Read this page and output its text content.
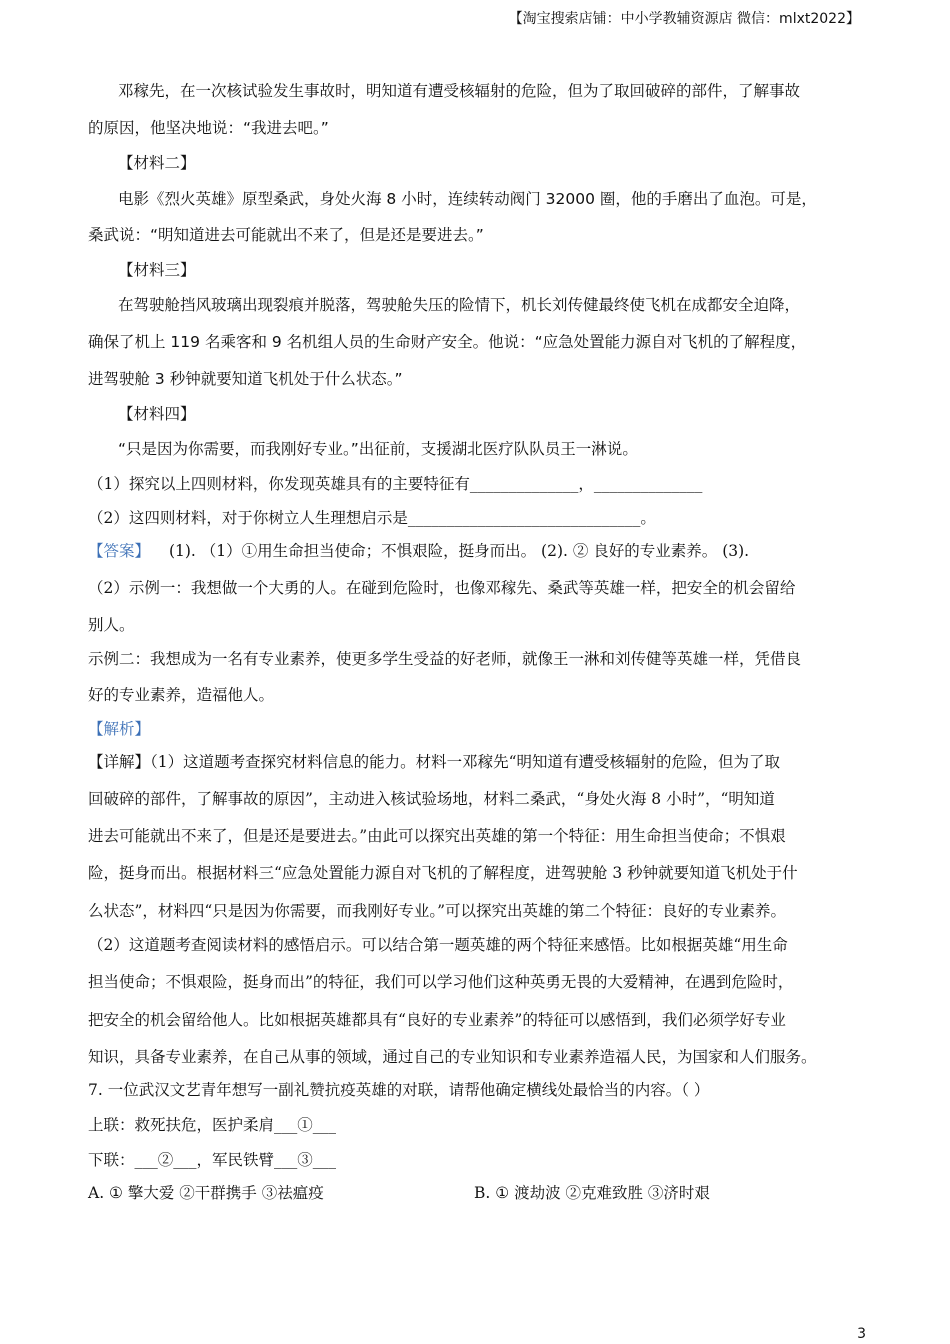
【淘宝搜索店铺：中小学教辅资源店 微信：mlxt2022】
邓稼先，在一次核试验发生事故时，明知道有遭受核辐射的危险，但为了取回破碎的部件，了解事故
的原因，他坚决地说：“我进去吧。”
【材料二】
电影《烈火英雄》原型桑武，身处火海 8 小时，连续转动阀门 32000 圈，他的手磨出了血泡。可是，
桑武说：“明知道进去可能就出不来了，但是还是要进去。”
【材料三】
在驾驶舱挡风玻璃出现裂痕并脱落，驾驶舱失压的险情下，机长刘传健最终使飞机在成都安全迫降，
确保了机上 119 名乘客和 9 名机组人员的生命财产安全。他说：“应急处置能力源自对飞机的了解程度，
进驾驶舱 3 秒钟就要知道飞机处于什么状态。”
【材料四】
“只是因为你需要，而我刚好专业。”出征前，支援湖北医疗队队员王一淋说。
（1）探究以上四则材料，你发现英雄具有的主要特征有______________，______________
（2）这四则材料，对于你树立人生理想启示是______________________________。
【答案】 (1). （1）①用生命担当使命；不惧艰险，挺身而出。 (2). ② 良好的专业素养。 (3).
（2）示例一：我想做一个大勇的人。在碰到危险时，也像邓稼先、桑武等英雄一样，把安全的机会留给
别人。
示例二：我想成为一名有专业素养，使更多学生受益的好老师，就像王一淋和刘传健等英雄一样，凭借良
好的专业素养，造福他人。
【解析】
【详解】（1）这道题考查探究材料信息的能力。材料一邓稼先“明知道有遭受核辐射的危险，但为了取
回破碎的部件，了解事故的原因”，主动进入核试验场地，材料二桑武，“身处火海 8 小时”，“明知道
进去可能就出不来了，但是还是要进去。”由此可以探究出英雄的第一个特征：用生命担当使命；不惧艰
险，挺身而出。根据材料三“应急处置能力源自对飞机的了解程度，进驾驶舱 3 秒钟就要知道飞机处于什
么状态”，材料四“只是因为你需要，而我刚好专业。”可以探究出英雄的第二个特征：良好的专业素养。
（2）这道题考查阅读材料的感悟启示。可以结合第一题英雄的两个特征来感悟。比如根据英雄“用生命
担当使命；不惧艰险，挺身而出”的特征，我们可以学习他们这种英勇无畏的大爱精神，在遇到危险时，
把安全的机会留给他人。比如根据英雄都具有“良好的专业素养”的特征可以感悟到，我们必须学好专业
知识，具备专业素养，在自己从事的领域，通过自己的专业知识和专业素养造福人民，为国家和人们服务。
7. 一位武汉文艺青年想写一副礼赞抗疫英雄的对联，请帮他确定横线处最恰当的内容。（ ）
上联：救死扶危，医护柔肩___①___
下联：___②___，军民铁臂___③___
A. ① 擎大爱 ②干群携手 ③祛瘟疫	B. ① 渡劫波 ②克难致胜 ③济时艰
3
